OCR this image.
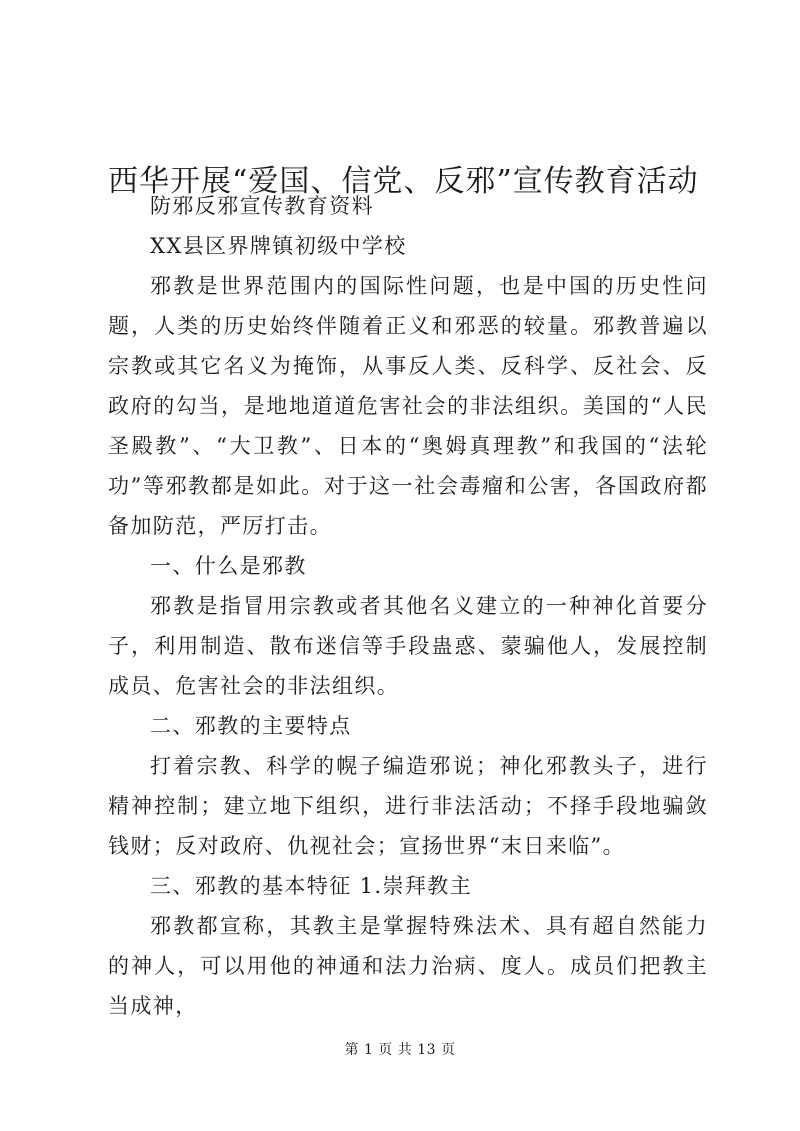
西华开展“爱国、信党、反邪”宣传教育活动

防邪反邪宣传教育资料

XX县区界牌镇初级中学校

邪教是世界范围内的国际性问题，也是中国的历史性问题，人类的历史始终伴随着正义和邪恶的较量。邪教普遍以宗教或其它名义为掩饰，从事反人类、反科学、反社会、反政府的勾当，是地地道道危害社会的非法组织。美国的“人民圣殿教”、“大卫教”、日本的“奥姆真理教”和我国的“法轮功”等邪教都是如此。对于这一社会毒瘤和公害，各国政府都备加防范，严厉打击。

一、什么是邪教

邪教是指冒用宗教或者其他名义建立的一种神化首要分子，利用制造、散布迷信等手段蛊惑、蒙骗他人，发展控制成员、危害社会的非法组织。

二、邪教的主要特点

打着宗教、科学的幌子编造邪说；神化邪教头子，进行精神控制；建立地下组织，进行非法活动；不择手段地骗敛钱财；反对政府、仇视社会；宣扬世界“末日来临”。

三、邪教的基本特征 1.崇拜教主

邪教都宣称，其教主是掌握特殊法术、具有超自然能力的神人，可以用他的神通和法力治病、度人。成员们把教主当成神，

第 1 页 共 13 页
